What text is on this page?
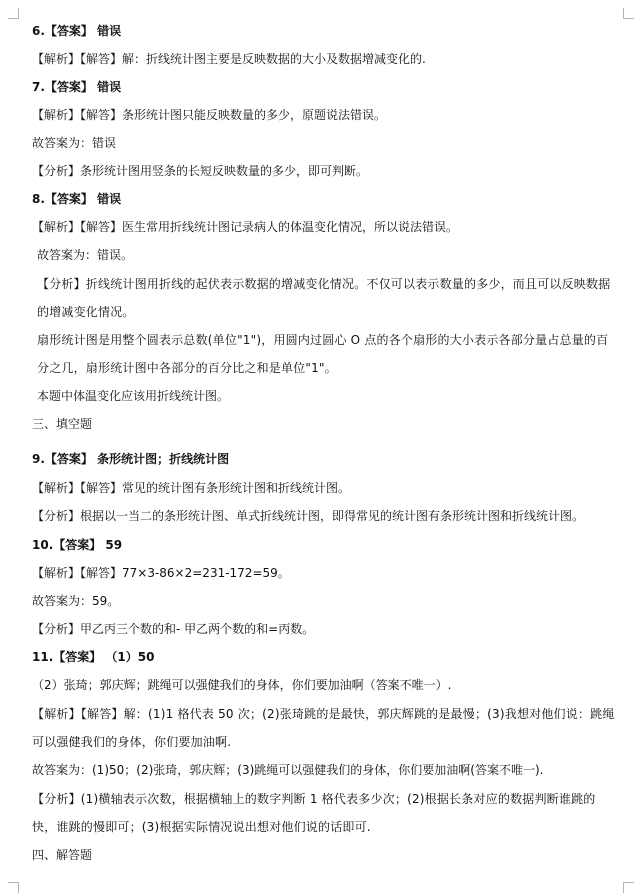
6.【答案】 错误
【解析】【解答】解：折线统计图主要是反映数据的大小及数据增减变化的.
7.【答案】 错误
【解析】【解答】条形统计图只能反映数量的多少，原题说法错误。
故答案为：错误
【分析】条形统计图用竖条的长短反映数量的多少，即可判断。
8.【答案】 错误
【解析】【解答】医生常用折线统计图记录病人的体温变化情况，所以说法错误。
故答案为：错误。
【分析】折线统计图用折线的起伏表示数据的增减变化情况。不仅可以表示数量的多少，而且可以反映数据的增减变化情况。
扇形统计图是用整个圆表示总数(单位"1")，用圆内过圆心 O 点的各个扇形的大小表示各部分量占总量的百分之几，扇形统计图中各部分的百分比之和是单位"1"。
本题中体温变化应该用折线统计图。
三、填空题
9.【答案】 条形统计图；折线统计图
【解析】【解答】常见的统计图有条形统计图和折线统计图。
【分析】根据以一当二的条形统计图、单式折线统计图，即得常见的统计图有条形统计图和折线统计图。
10.【答案】 59
【解析】【解答】77×3-86×2=231-172=59。
故答案为：59。
【分析】甲乙丙三个数的和- 甲乙两个数的和=丙数。
11.【答案】 （1）50
（2）张琦；郭庆辉；跳绳可以强健我们的身体，你们要加油啊（答案不唯一）.
【解析】【解答】解：(1)1 格代表 50 次；(2)张琦跳的是最快，郭庆辉跳的是最慢；(3)我想对他们说：跳绳可以强健我们的身体，你们要加油啊.
故答案为：(1)50；(2)张琦，郭庆辉；(3)跳绳可以强健我们的身体，你们要加油啊(答案不唯一).
【分析】(1)横轴表示次数，根据横轴上的数字判断 1 格代表多少次；(2)根据长条对应的数据判断谁跳的快，谁跳的慢即可；(3)根据实际情况说出想对他们说的话即可.
四、解答题
